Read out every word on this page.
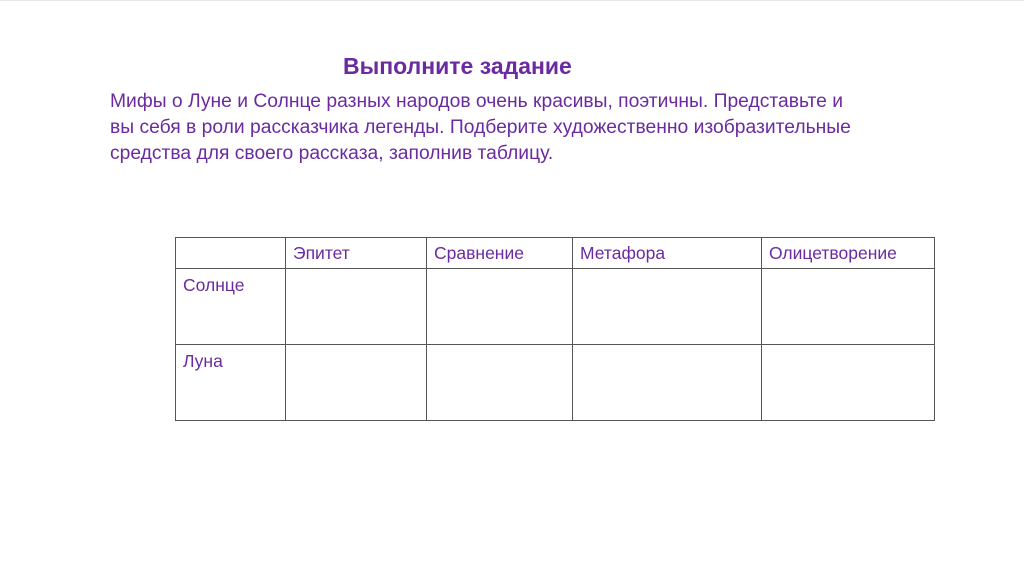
Выполните задание

Мифы о Луне и Солнце разных народов очень красивы, поэтичны. Представьте и
вы себя в роли рассказчика легенды. Подберите художественно изобразительные
средства для своего рассказа, заполнив таблицу.

	Эпитет	Сравнение	Метафора	Олицетворение
Солнце				
Луна				
